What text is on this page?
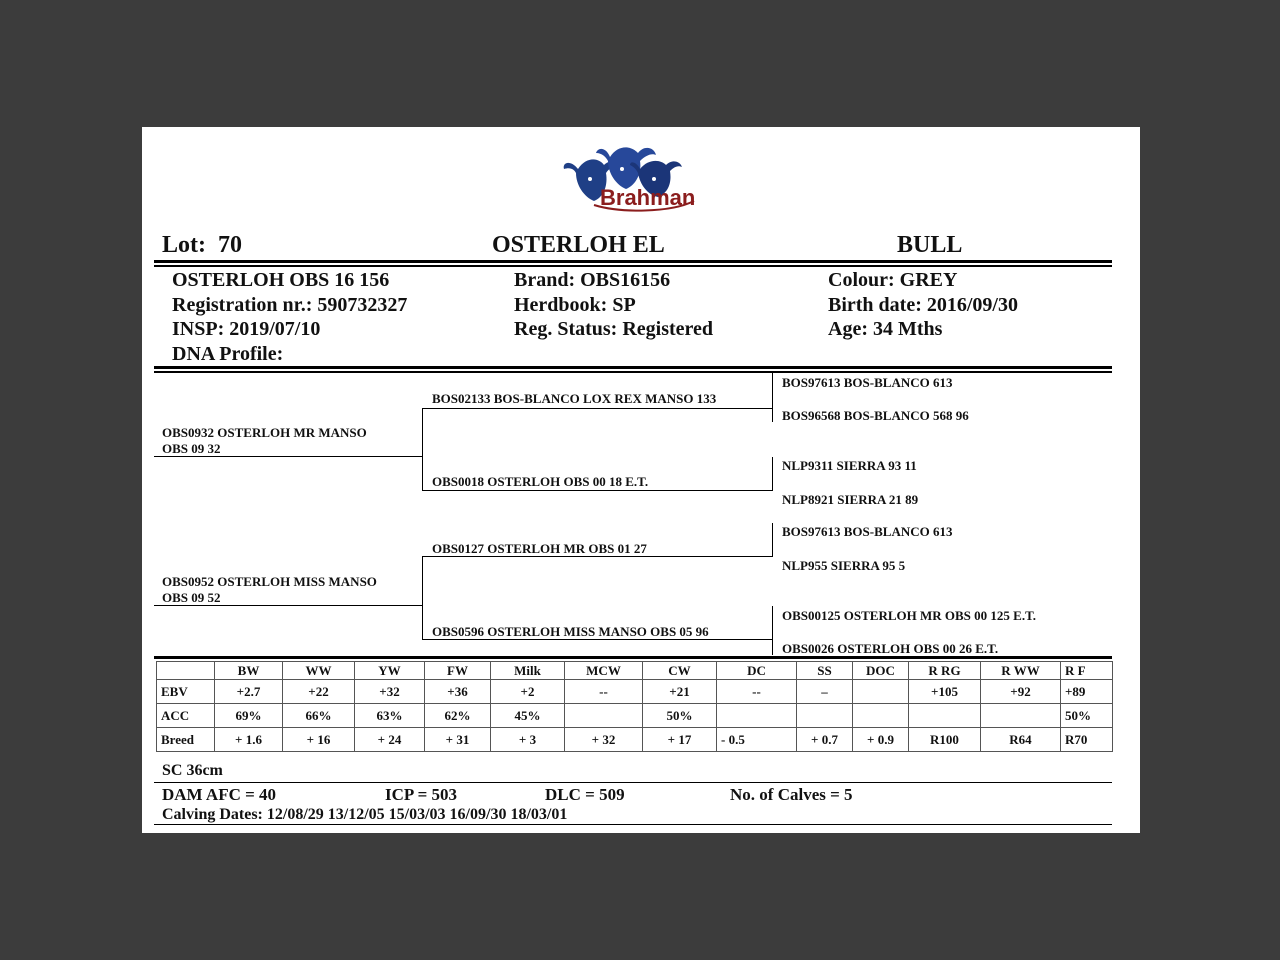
Brahman
Lot: 70	OSTERLOH EL	BULL
OSTERLOH OBS 16 156
Registration nr.: 590732327
INSP: 2019/07/10
DNA Profile:
Brand: OBS16156
Herdbook: SP
Reg. Status: Registered
Colour: GREY
Birth date: 2016/09/30
Age: 34 Mths
OBS0932 OSTERLOH MR MANSO
OBS 09 32
OBS0952 OSTERLOH MISS MANSO
OBS 09 52
BOS02133 BOS-BLANCO LOX REX MANSO 133
OBS0018 OSTERLOH OBS 00 18 E.T.
OBS0127 OSTERLOH MR OBS 01 27
OBS0596 OSTERLOH MISS MANSO OBS 05 96
BOS97613 BOS-BLANCO 613
BOS96568 BOS-BLANCO 568 96
NLP9311 SIERRA 93 11
NLP8921 SIERRA 21 89
BOS97613 BOS-BLANCO 613
NLP955 SIERRA 95 5
OBS00125 OSTERLOH MR OBS 00 125 E.T.
OBS0026 OSTERLOH OBS 00 26 E.T.
	BW	WW	YW	FW	Milk	MCW	CW	DC	SS	DOC	R RG	R WW	R F
EBV	+2.7	+22	+32	+36	+2	--	+21	--	–		+105	+92	+89
ACC	69%	66%	63%	62%	45%		50%						50%
Breed	+ 1.6	+ 16	+ 24	+ 31	+ 3	+ 32	+ 17	- 0.5	+ 0.7	+ 0.9	R100	R64	R70
SC 36cm
DAM AFC = 40	ICP = 503	DLC = 509	No. of Calves = 5
Calving Dates: 12/08/29 13/12/05 15/03/03 16/09/30 18/03/01
